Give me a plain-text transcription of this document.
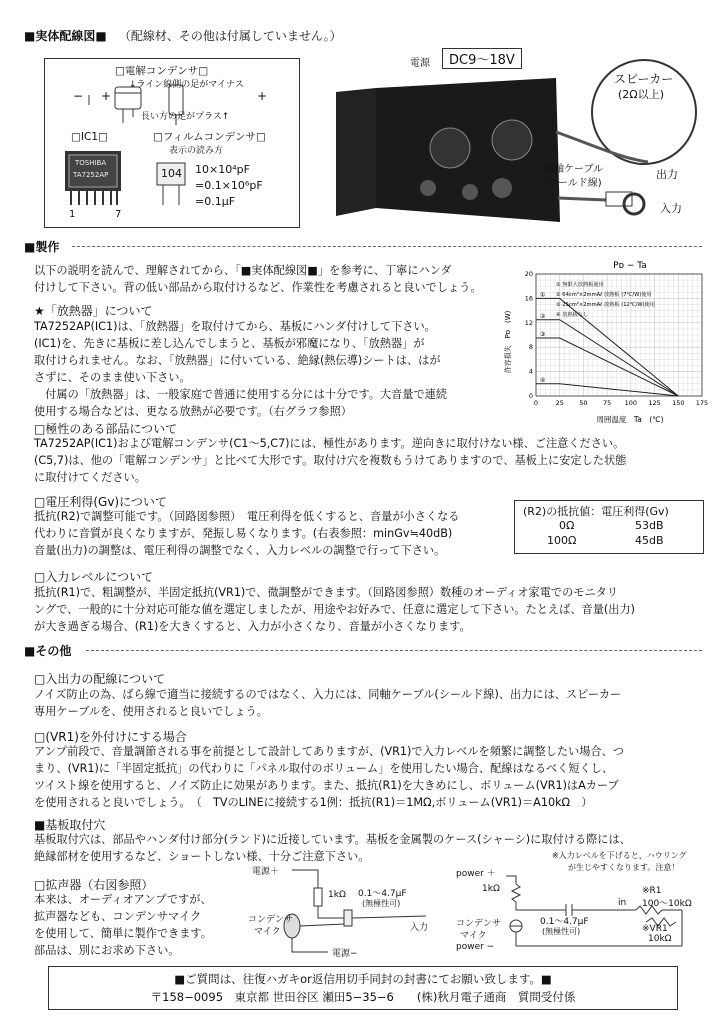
■実体配線図■ （配線材、その他は付属していません。）
□電解コンデンサ□
↓ライン線側の足がマイナス
長い方の足がプラス↑
− +	+
□IC1□
TOSHIBA
TA7252AP
1	7
□フィルムコンデンサ□
表示の読み方
104 10×10⁴pF
=0.1×10⁶pF
=0.1μF
電源	DC9〜18V
スピーカー
(2Ω以上)
同軸ケーブル
(シールド線)
出力
入力
■製作
以下の説明を読んで、理解されてから、「■実体配線図■」を参考に、丁寧にハンダ
付けして下さい。背の低い部品から取付けるなど、作業性を考慮されると良いでしょう。
★「放熱器」について
TA7252AP(IC1)は、「放熱器」を取付けてから、基板にハンダ付けして下さい。
(IC1)を、先きに基板に差し込んでしまうと、基板が邪魔になり、「放熱器」が
取付けられません。なお、「放熱器」に付いている、絶縁(熱伝導)シートは、はが
さずに、そのまま使い下さい。
　付属の「放熱器」は、一般家庭で普通に使用する分には十分です。大音量で連続
使用する場合などは、更なる放熱が必要です。（右グラフ参照）
Pᴅ − Ta
許容損失　Pᴅ　(W)
周囲温度　Ta　(℃)
0	25 50 75 100 125 150 175
0
4
8
12
16
20
①
②
③
④
① 無限大放熱板使用
② 64cm²×2mmAℓ 放熱板 (7℃/W)使用
③ 25cm²×2mmAℓ 放熱板 (12℃/W)使用
④ 放熱板なし
□極性のある部品について
TA7252AP(IC1)および電解コンデンサ(C1〜5,C7)には、極性があります。逆向きに取付けない様、ご注意ください。
(C5,7)は、他の「電解コンデンサ」と比べて大形です。取付け穴を複数もうけてありますので、基板上に安定した状態
に取付けてください。
□電圧利得(Gv)について
抵抗(R2)で調整可能です。（回路図参照）　電圧利得を低くすると、音量が小さくなる
代わりに音質が良くなりますが、発振し易くなります。(右表参照：minGv≒40dB)
音量(出力)の調整は、電圧利得の調整でなく、入力レベルの調整で行って下さい。
(R2)の抵抗値：電圧利得(Gv)
0Ω	53dB
100Ω	45dB
□入力レベルについて
抵抗(R1)で、粗調整が、半固定抵抗(VR1)で、微調整ができます。（回路図参照）数種のオーディオ家電でのモニタリ
ングで、一般的に十分対応可能な値を選定しましたが、用途やお好みで、任意に選定して下さい。たとえば、音量(出力)
が大き過ぎる場合、(R1)を大きくすると、入力が小さくなり、音量が小さくなります。
■その他
□入出力の配線について
ノイズ防止の為、ばら線で適当に接続するのではなく、入力には、同軸ケーブル(シールド線)、出力には、スピーカー
専用ケーブルを、使用されると良いでしょう。
□(VR1)を外付けにする場合
アンプ前段で、音量調節される事を前提として設計してありますが、(VR1)で入力レベルを頻繁に調整したい場合、つ
まり、(VR1)に「半固定抵抗」の代わりに「パネル取付のボリューム」を使用したい場合、配線はなるべく短くし、
ツイスト線を使用すると、ノイズ防止に効果があります。また、抵抗(R1)を大きめにし、ボリューム(VR1)はAカーブ
を使用されると良いでしょう。　（　TVのLINEに接続する1例：抵抗(R1)＝1MΩ,ボリューム(VR1)＝A10kΩ　）
■基板取付穴
基板取付穴は、部品やハンダ付け部分(ランド)に近接しています。基板を金属製のケース(シャーシ)に取付ける際には、
絶縁部材を使用するなど、ショートしない様、十分ご注意下さい。
□拡声器（右図参照）
本来は、オーディオアンプですが、
拡声器なども、コンデンサマイク
を使用して、簡単に製作できます。
部品は、別にお求め下さい。
電源＋
1kΩ 0.1〜4.7μF
(無極性可)
コンデンサ
マイク	入力
電源−
※入力レベルを下げると、ハウリング
が生じやすくなります。注意！
power ＋
1kΩ
0.1〜4.7μF
(無極性可)
in
※R1
100〜10kΩ
※VR1
10kΩ
コンデンサ
マイク
power −
■ご質問は、往復ハガキor返信用切手同封の封書にてお願い致します。■
〒158−0095　東京都 世田谷区 瀬田5−35−6　　(株)秋月電子通商　質問受付係
